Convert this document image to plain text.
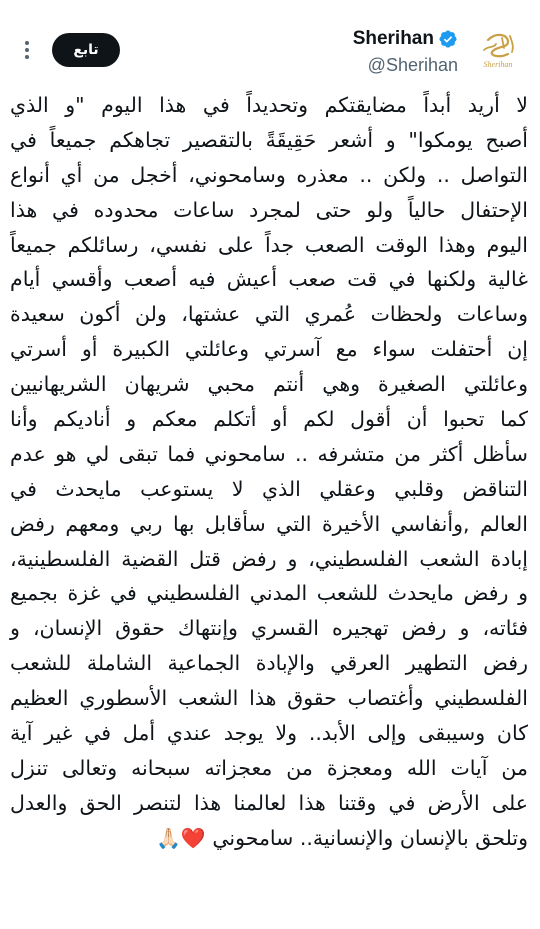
Sherihan
Sherihan
@Sherihan
تابع
لا أريد أبداً مضايقتكم وتحديداً في هذا اليوم "و الذي
أصبح يومكوا" و أشعر حَقِيقَةً بالتقصير تجاهكم جميعاً في
التواصل .. ولكن .. معذره وسامحوني، أخجل من أي أنواع
الإحتفال حالياً ولو حتى لمجرد ساعات محدوده في هذا
اليوم وهذا الوقت الصعب جداً على نفسي، رسائلكم جميعاً
غالية ولكنها في قت صعب أعيش فيه أصعب وأقسي أيام
وساعات ولحظات عُمري التي عشتها، ولن أكون سعيدة
إن أحتفلت سواء مع آسرتي وعائلتي الكبيرة أو أسرتي
وعائلتي الصغيرة وهي أنتم محبي شريهان الشريهانيين
كما تحبوا أن أقول لكم أو أتكلم معكم و أناديكم وأنا
سأظل أكثر من متشرفه .. سامحوني فما تبقى لي هو عدم
التناقض وقلبي وعقلي الذي لا يستوعب مايحدث في
العالم ,وأنفاسي الأخيرة التي سأقابل بها ربي ومعهم رفض
إبادة الشعب الفلسطيني، و رفض قتل القضية الفلسطينية،
و رفض مايحدث للشعب المدني الفلسطيني في غزة بجميع
فئاته، و رفض تهجيره القسري وإنتهاك حقوق الإنسان، و
رفض التطهير العرقي والإبادة الجماعية الشاملة للشعب
الفلسطيني وأغتصاب حقوق هذا الشعب الأسطوري العظيم
كان وسيبقى وإلى الأبد.. ولا يوجد عندي أمل في غير آية
من آيات الله ومعجزة من معجزاته سبحانه وتعالى تنزل
على الأرض في وقتنا هذا لعالمنا هذا لتنصر الحق والعدل
وتلحق بالإنسان والإنسانية.. سامحوني ❤️🙏🏻
